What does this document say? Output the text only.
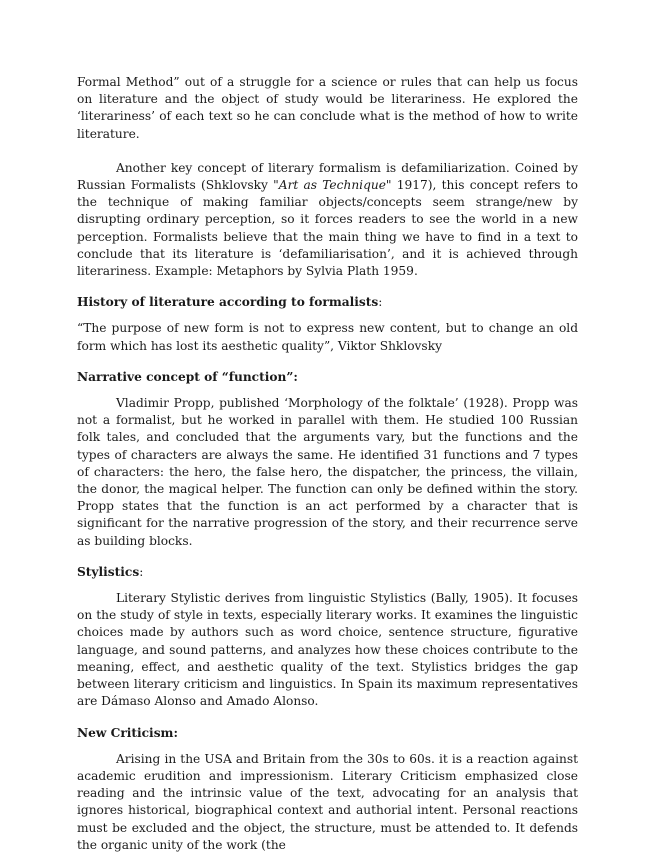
Formal Method” out of a struggle for a science or rules that can help us focus on literature and the object of study would be literariness. He explored the ‘literariness’ of each text so he can conclude what is the method of how to write literature.

Another key concept of literary formalism is defamiliarization. Coined by Russian Formalists (Shklovsky "Art as Technique" 1917), this concept refers to the technique of making familiar objects/concepts seem strange/new by disrupting ordinary perception, so it forces readers to see the world in a new perception. Formalists believe that the main thing we have to find in a text to conclude that its literature is ‘defamiliarisation’, and it is achieved through literariness. Example: Metaphors by Sylvia Plath 1959.

History of literature according to formalists:

“The purpose of new form is not to express new content, but to change an old form which has lost its aesthetic quality”, Viktor Shklovsky

Narrative concept of “function”:

Vladimir Propp, published ‘Morphology of the folktale’ (1928). Propp was not a formalist, but he worked in parallel with them. He studied 100 Russian folk tales, and concluded that the arguments vary, but the functions and the types of characters are always the same. He identified 31 functions and 7 types of characters: the hero, the false hero, the dispatcher, the princess, the villain, the donor, the magical helper. The function can only be defined within the story. Propp states that the function is an act performed by a character that is significant for the narrative progression of the story, and their recurrence serve as building blocks.

Stylistics:

Literary Stylistic derives from linguistic Stylistics (Bally, 1905). It focuses on the study of style in texts, especially literary works. It examines the linguistic choices made by authors such as word choice, sentence structure, figurative language, and sound patterns, and analyzes how these choices contribute to the meaning, effect, and aesthetic quality of the text. Stylistics bridges the gap between literary criticism and linguistics. In Spain its maximum representatives are Dámaso Alonso and Amado Alonso.

New Criticism:

Arising in the USA and Britain from the 30s to 60s. it is a reaction against academic erudition and impressionism. Literary Criticism emphasized close reading and the intrinsic value of the text, advocating for an analysis that ignores historical, biographical context and authorial intent. Personal reactions must be excluded and the object, the structure, must be attended to. It defends the organic unity of the work (the
